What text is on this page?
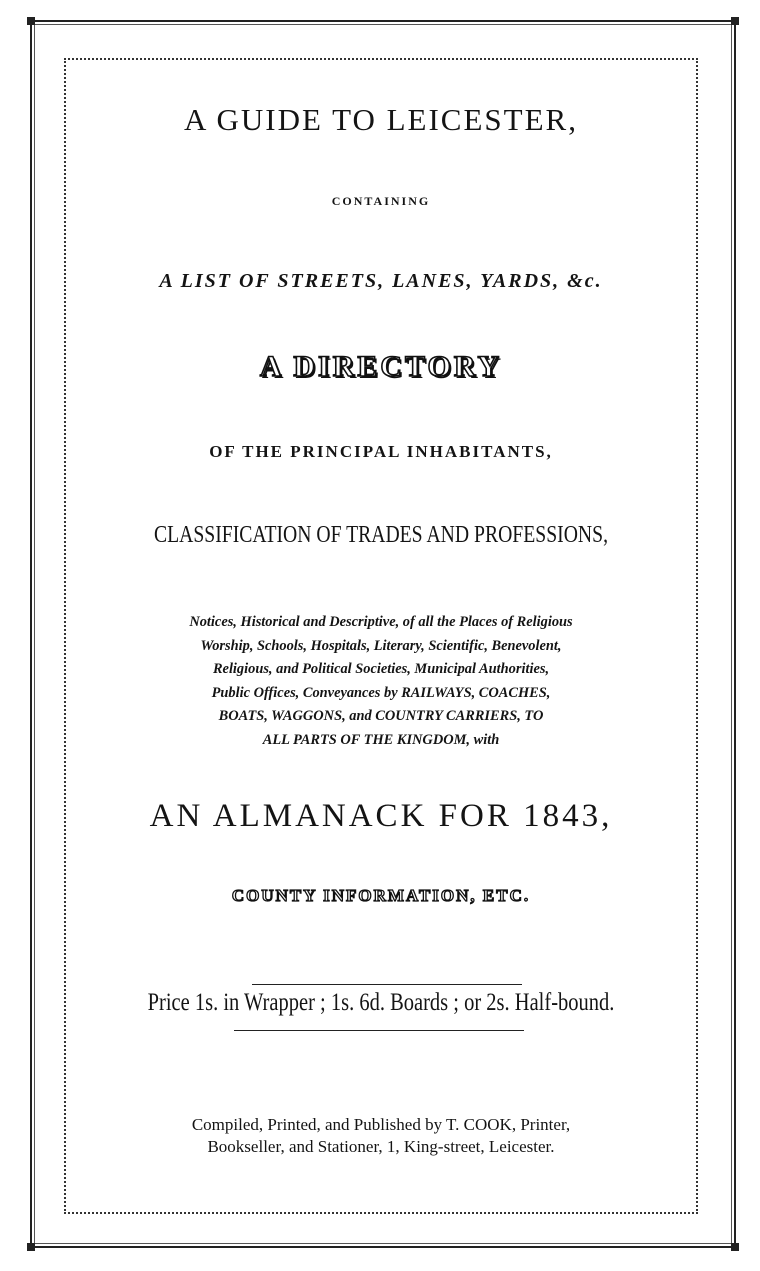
A GUIDE TO LEICESTER,
CONTAINING
A LIST OF STREETS, LANES, YARDS, &c.
A DIRECTORY
OF THE PRINCIPAL INHABITANTS,
CLASSIFICATION OF TRADES AND PROFESSIONS,
Notices, Historical and Descriptive, of all the Places of Religious
Worship, Schools, Hospitals, Literary, Scientific, Benevolent,
Religious, and Political Societies, Municipal Authorities,
Public Offices, Conveyances by RAILWAYS, COACHES,
BOATS, WAGGONS, and COUNTRY CARRIERS, TO
ALL PARTS OF THE KINGDOM, with
AN ALMANACK FOR 1843,
COUNTY INFORMATION, ETC.
Price 1s. in Wrapper ; 1s. 6d. Boards ; or 2s. Half-bound.
Compiled, Printed, and Published by T. COOK, Printer,
Bookseller, and Stationer, 1, King-street, Leicester.
